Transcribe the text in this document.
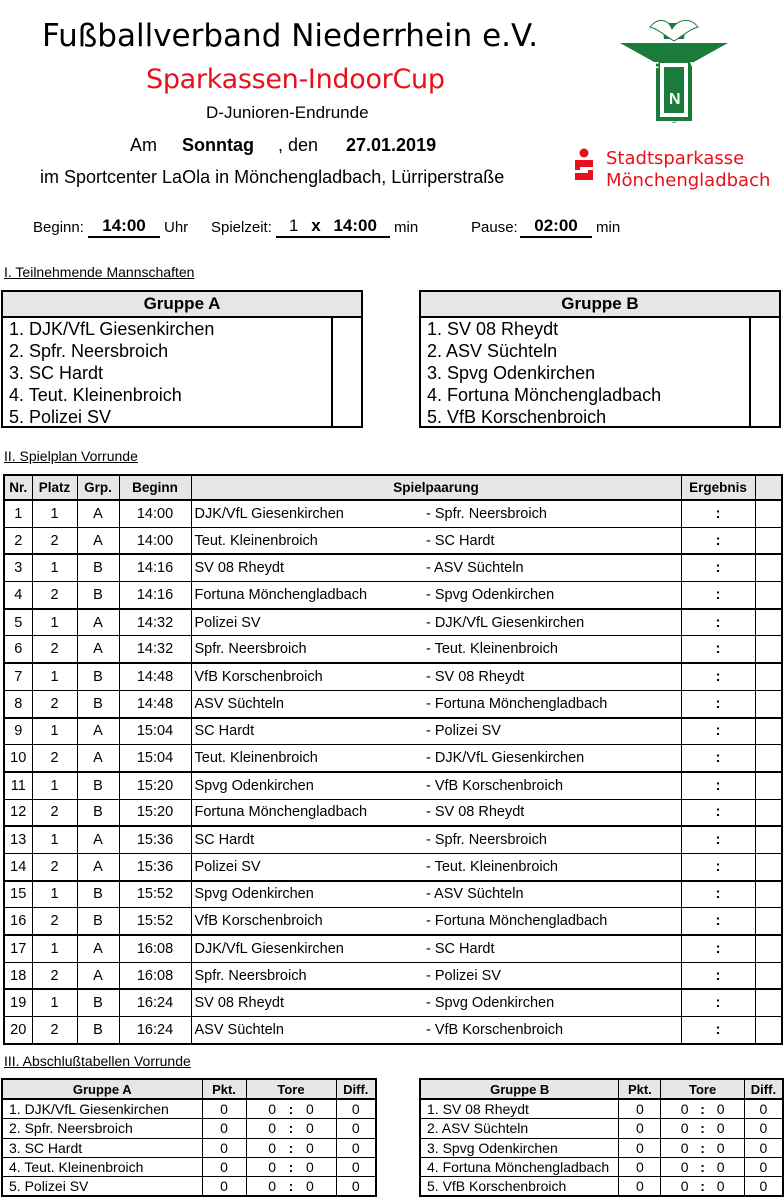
Fußballverband Niederrhein e.V.
Sparkassen-IndoorCup
D-Junioren-Endrunde
Am Sonntag , den 27.01.2019
im Sportcenter LaOla in Mönchengladbach, Lürriperstraße
5
F V
N
Stadtsparkasse
Mönchengladbach
Beginn:	14:00	Uhr Spielzeit:	1 x 14:00	min	Pause: 02:00	min
I. Teilnehmende Mannschaften
Gruppe A
1. DJK/VfL Giesenkirchen
2. Spfr. Neersbroich
3. SC Hardt
4. Teut. Kleinenbroich
5. Polizei SV
Gruppe B
1. SV 08 Rheydt
2. ASV Süchteln
3. Spvg Odenkirchen
4. Fortuna Mönchengladbach
5. VfB Korschenbroich
II. Spielplan Vorrunde
Nr.	Platz	Grp.	Beginn	Spielpaarung		Ergebnis	
1	1	A	14:00	DJK/VfL Giesenkirchen	- Spfr. Neersbroich	:	
2	2	A	14:00	Teut. Kleinenbroich	- SC Hardt	:	
3	1	B	14:16	SV 08 Rheydt	- ASV Süchteln	:	
4	2	B	14:16	Fortuna Mönchengladbach	- Spvg Odenkirchen	:	
5	1	A	14:32	Polizei SV	- DJK/VfL Giesenkirchen	:	
6	2	A	14:32	Spfr. Neersbroich	- Teut. Kleinenbroich	:	
7	1	B	14:48	VfB Korschenbroich	- SV 08 Rheydt	:	
8	2	B	14:48	ASV Süchteln	- Fortuna Mönchengladbach	:	
9	1	A	15:04	SC Hardt	- Polizei SV	:	
10	2	A	15:04	Teut. Kleinenbroich	- DJK/VfL Giesenkirchen	:	
11	1	B	15:20	Spvg Odenkirchen	- VfB Korschenbroich	:	
12	2	B	15:20	Fortuna Mönchengladbach	- SV 08 Rheydt	:	
13	1	A	15:36	SC Hardt	- Spfr. Neersbroich	:	
14	2	A	15:36	Polizei SV	- Teut. Kleinenbroich	:	
15	1	B	15:52	Spvg Odenkirchen	- ASV Süchteln	:	
16	2	B	15:52	VfB Korschenbroich	- Fortuna Mönchengladbach	:	
17	1	A	16:08	DJK/VfL Giesenkirchen	- SC Hardt	:	
18	2	A	16:08	Spfr. Neersbroich	- Polizei SV	:	
19	1	B	16:24	SV 08 Rheydt	- Spvg Odenkirchen	:	
20	2	B	16:24	ASV Süchteln	- VfB Korschenbroich	:	
III. Abschlußtabellen Vorrunde
Gruppe A	Pkt.	Tore			Diff.
1. DJK/VfL Giesenkirchen	0	0	:	0	0
2. Spfr. Neersbroich	0	0	:	0	0
3. SC Hardt	0	0	:	0	0
4. Teut. Kleinenbroich	0	0	:	0	0
5. Polizei SV	0	0	:	0	0
Gruppe B	Pkt.	Tore			Diff.
1. SV 08 Rheydt	0	0	:	0	0
2. ASV Süchteln	0	0	:	0	0
3. Spvg Odenkirchen	0	0	:	0	0
4. Fortuna Mönchengladbach	0	0	:	0	0
5. VfB Korschenbroich	0	0	:	0	0
